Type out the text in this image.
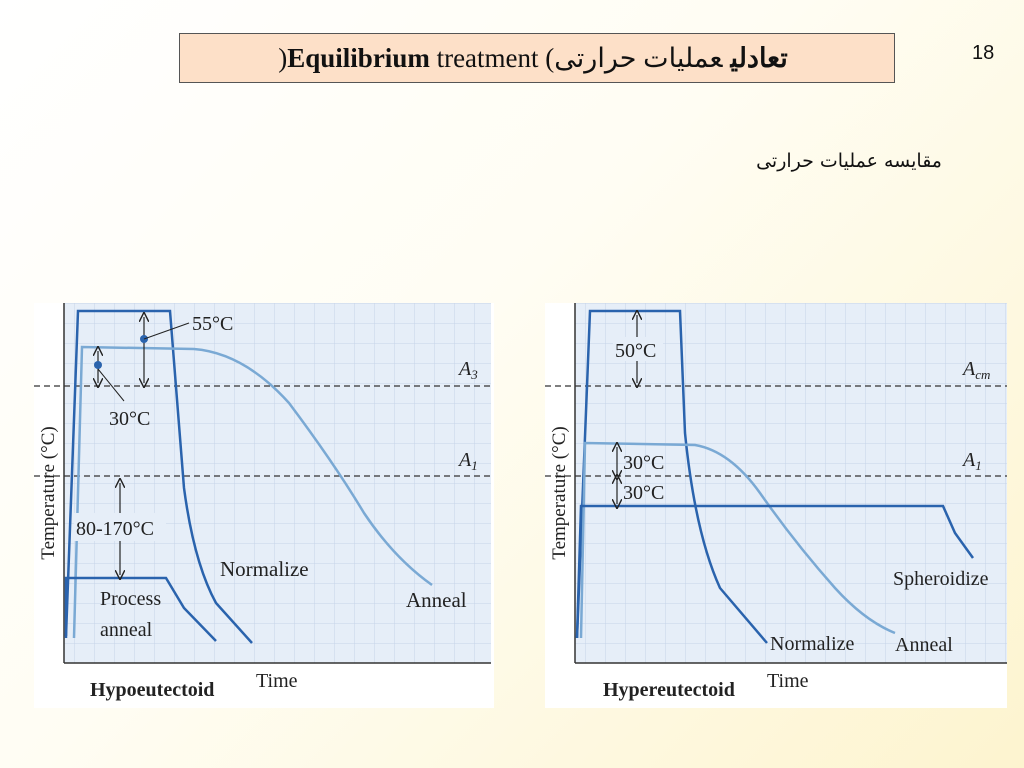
)Equilibrium treatment (	تعادلیعملیات حرارتی	18
مقایسه عملیات حرارتی
55°C
30°C
80-170°C
$A_3$
$A_1$
Normalize
Anneal
Process
anneal
Temperature (°C)
Time
Hypoeutectoid
50°C
30°C
30°C
$A_{cm}$
$A_1$
Spheroidize
Normalize Anneal
Temperature (°C)
Time
Hypereutectoid
